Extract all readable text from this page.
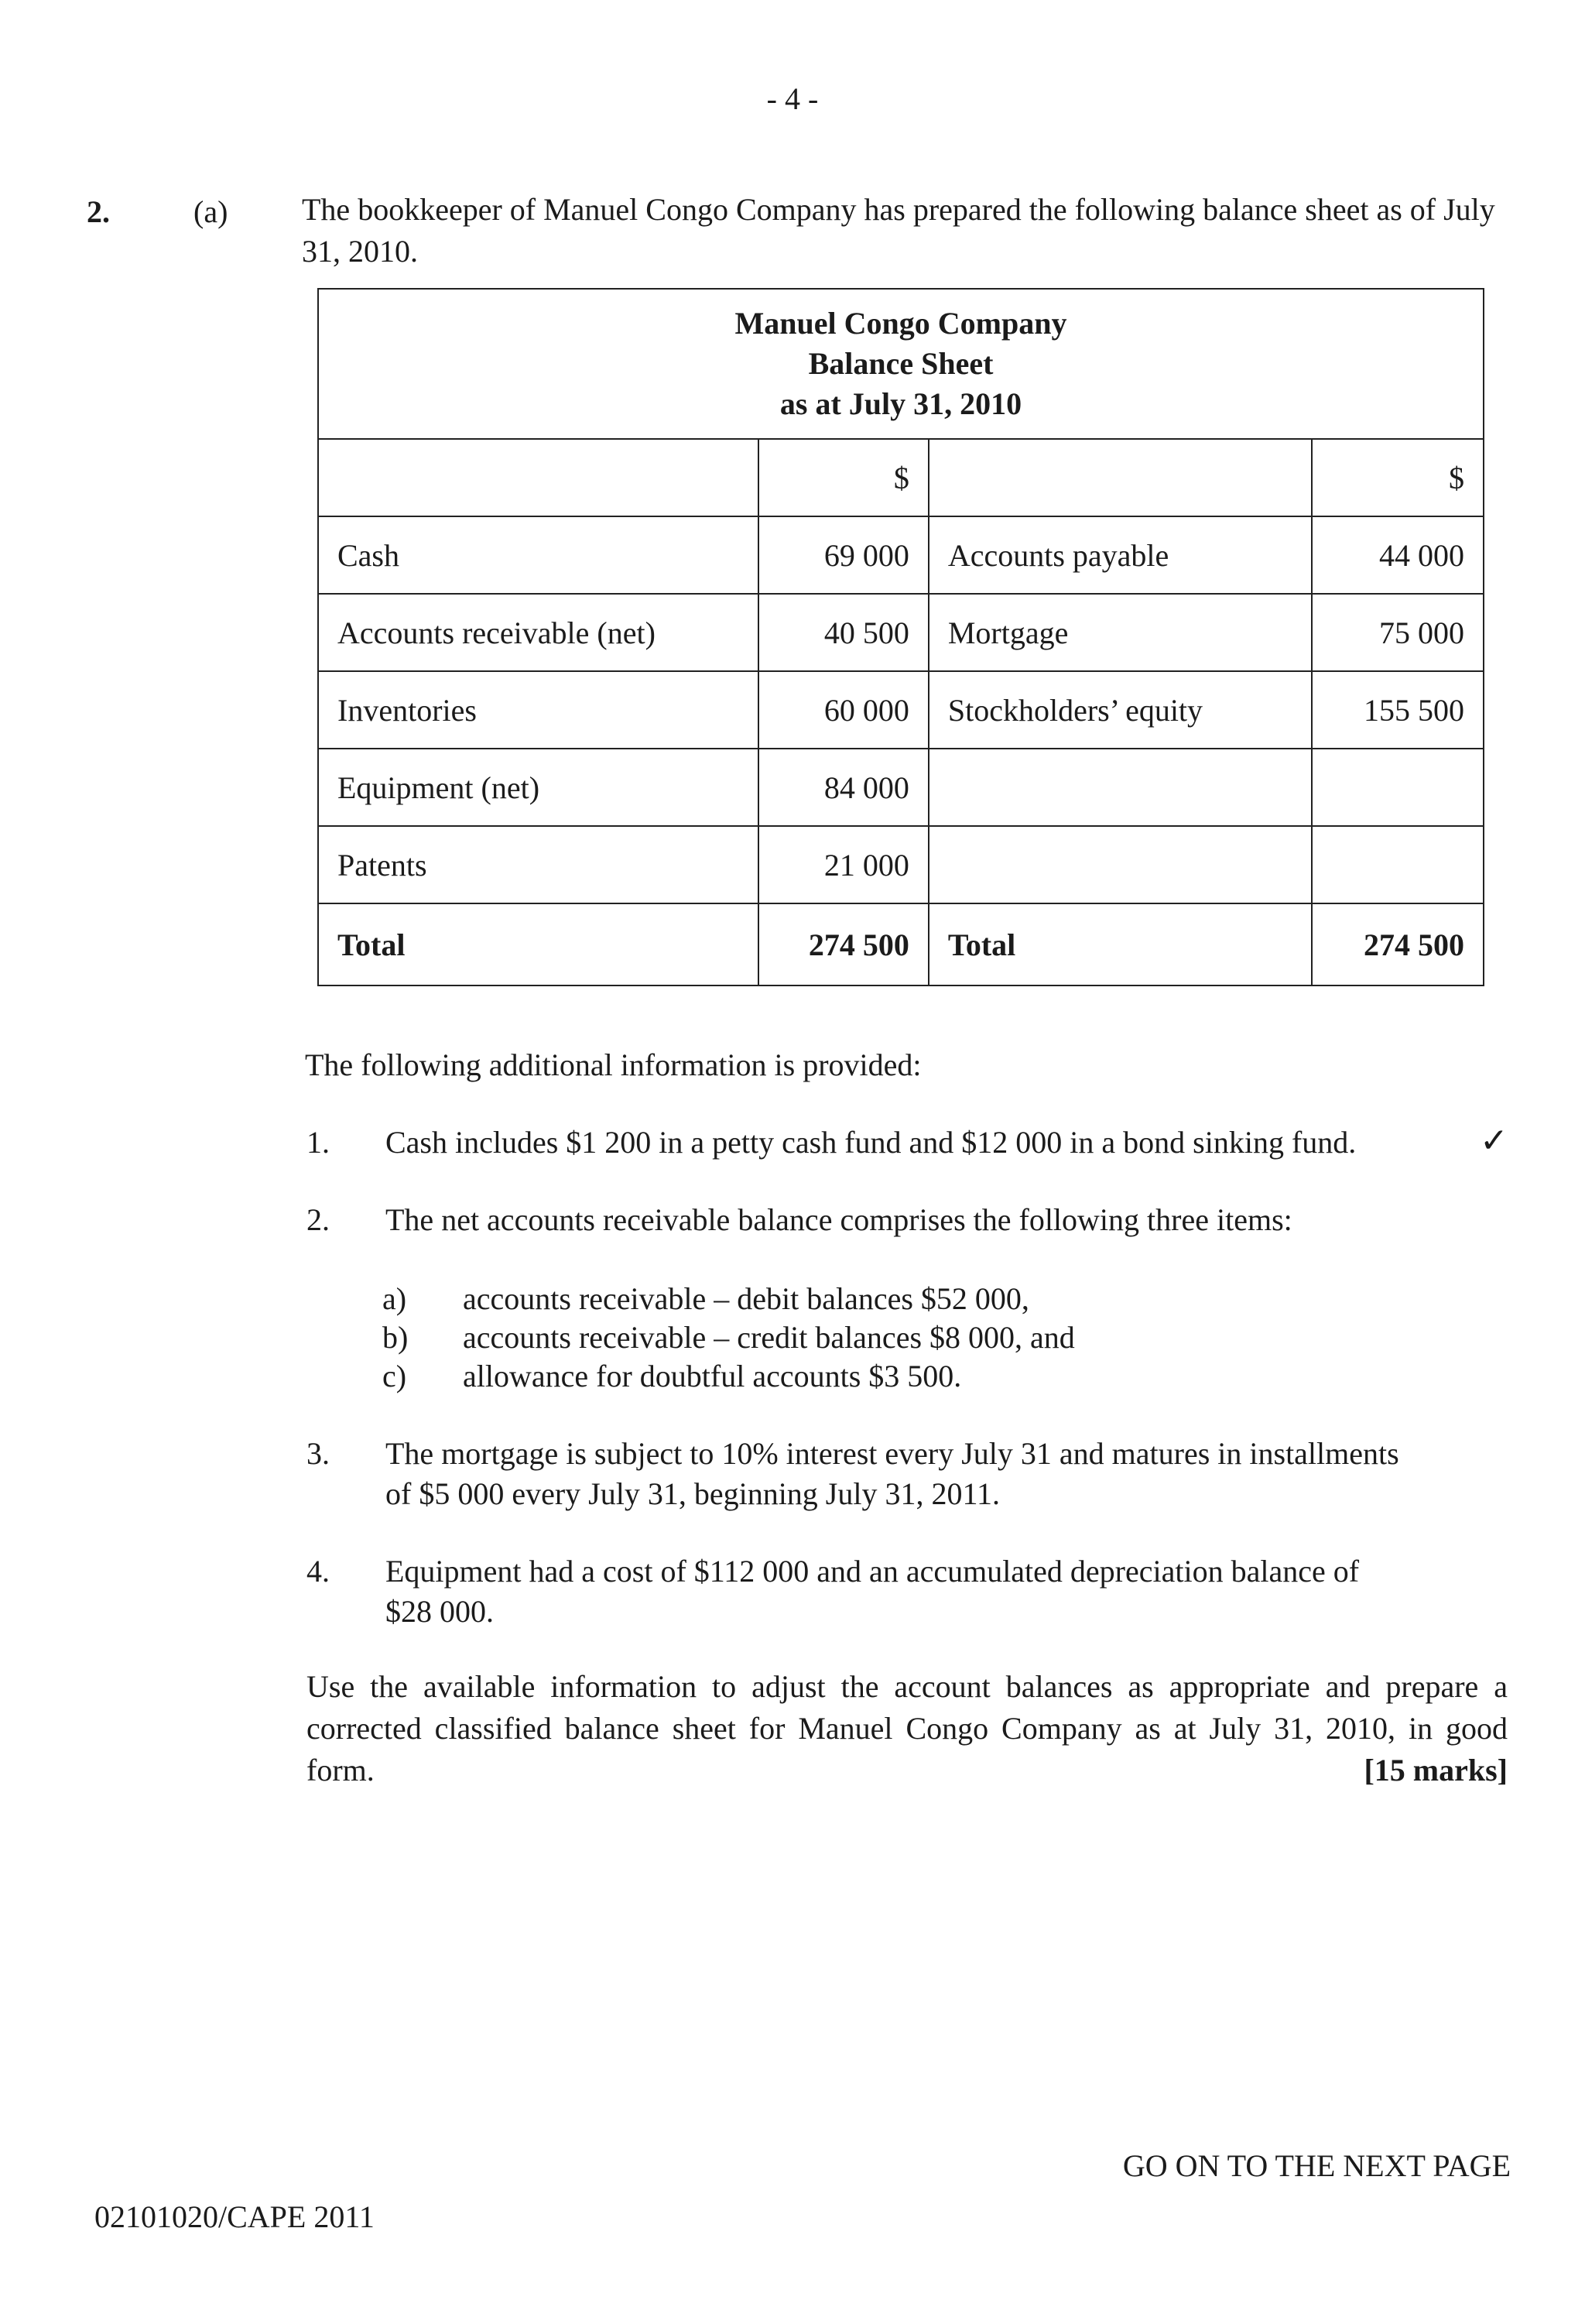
- 4 -
2.	(a) The bookkeeper of Manuel Congo Company has prepared the following balance sheet as of July 31, 2010.
Manuel Congo Company
Balance Sheet
as at July 31, 2010			

	$		$
Cash	69 000	Accounts payable	44 000
Accounts receivable (net)	40 500	Mortgage	75 000
Inventories	60 000	Stockholders’ equity	155 500
Equipment (net)	84 000		
Patents	21 000		
Total	274 500	Total	274 500
The following additional information is provided:
1. Cash includes $1 200 in a petty cash fund and $12 000 in a bond sinking fund.	✓
2. The net accounts receivable balance comprises the following three items:
a) accounts receivable – debit balances $52 000,
b) accounts receivable – credit balances $8 000, and
c) allowance for doubtful accounts $3 500.
3. The mortgage is subject to 10% interest every July 31 and matures in installments
of $5 000 every July 31, beginning July 31, 2011.
4. Equipment had a cost of $112 000 and an accumulated depreciation balance of
$28 000.
Use the available information to adjust the account balances as appropriate and prepare a corrected classified balance sheet for Manuel Congo Company as at July 31, 2010, in good form.	[15 marks]
GO ON TO THE NEXT PAGE
02101020/CAPE 2011
